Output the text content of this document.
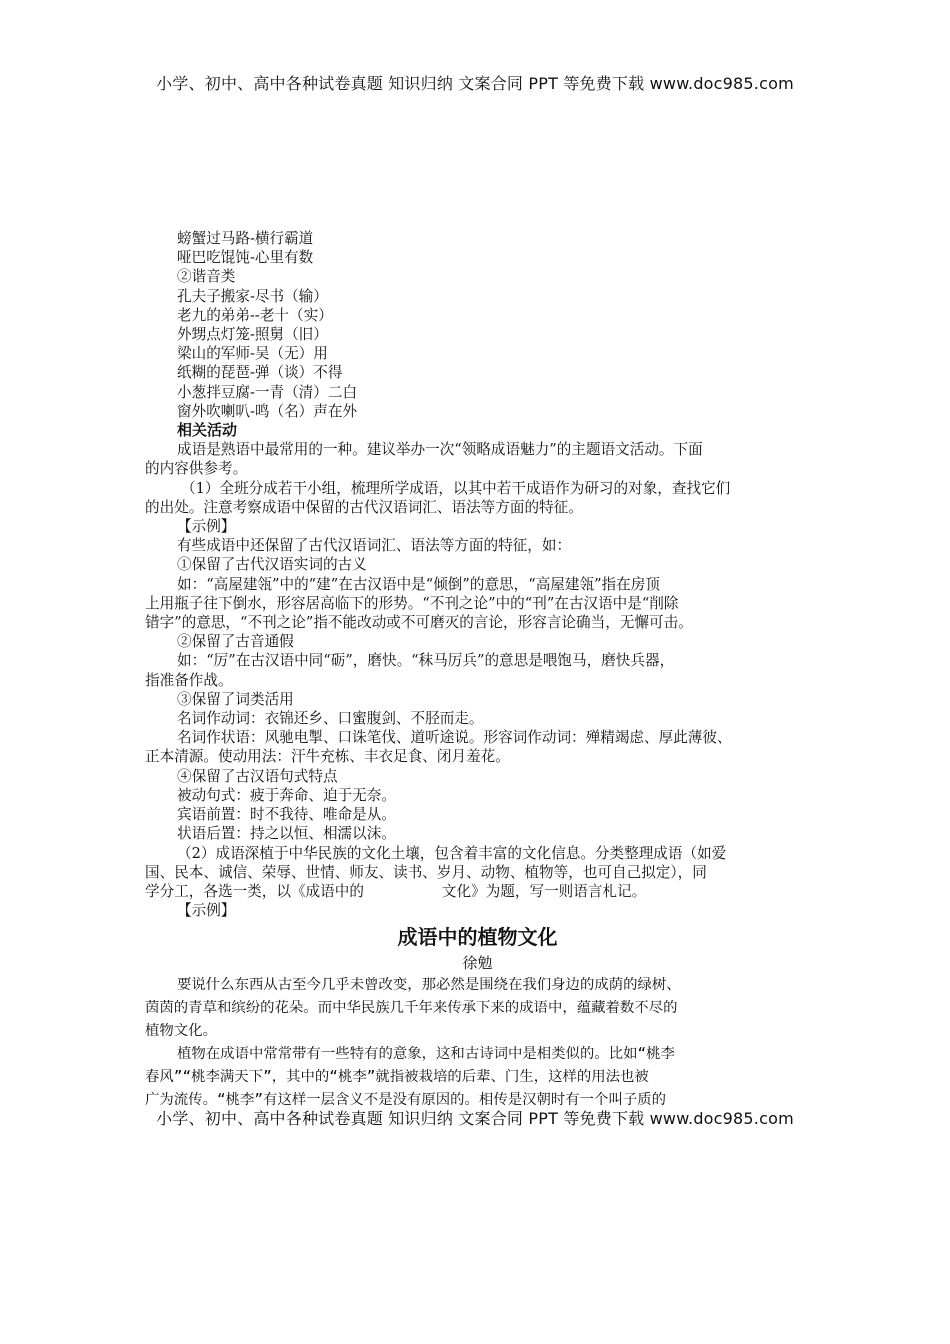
小学、初中、高中各种试卷真题 知识归纳 文案合同 PPT 等免费下载 www.doc985.com
螃蟹过马路-横行霸道
哑巴吃馄饨-心里有数
②谐音类
孔夫子搬家-尽书（输）
老九的弟弟--老十（实）
外甥点灯笼-照舅（旧）
梁山的军师-吴（无）用
纸糊的琵琶-弹（谈）不得
小葱拌豆腐-一青（清）二白
窗外吹喇叭-鸣（名）声在外
相关活动
成语是熟语中最常用的一种。建议举办一次“领略成语魅力”的主题语文活动。下面
的内容供参考。
（1）全班分成若干小组，梳理所学成语，以其中若干成语作为研习的对象，查找它们
的出处。注意考察成语中保留的古代汉语词汇、语法等方面的特征。
【示例】
有些成语中还保留了古代汉语词汇、语法等方面的特征，如：
①保留了古代汉语实词的古义
如：“高屋建瓴”中的“建”在古汉语中是“倾倒”的意思，“高屋建瓴”指在房顶
上用瓶子往下倒水，形容居高临下的形势。“不刊之论”中的“刊”在古汉语中是“削除
错字”的意思，“不刊之论”指不能改动或不可磨灭的言论，形容言论确当，无懈可击。
②保留了古音通假
如：“厉”在古汉语中同“砺”，磨快。“秣马厉兵”的意思是喂饱马，磨快兵器，
指准备作战。
③保留了词类活用
名词作动词：衣锦还乡、口蜜腹剑、不胫而走。
名词作状语：风驰电掣、口诛笔伐、道听途说。形容词作动词：殚精竭虑、厚此薄彼、
正本清源。使动用法：汗牛充栋、丰衣足食、闭月羞花。
④保留了古汉语句式特点
被动句式：疲于奔命、迫于无奈。
宾语前置：时不我待、唯命是从。
状语后置：持之以恒、相濡以沫。
（2）成语深植于中华民族的文化土壤，包含着丰富的文化信息。分类整理成语（如爱
国、民本、诚信、荣辱、世情、师友、读书、岁月、动物、植物等，也可自己拟定），同
学分工，各选一类，以《成语中的	文化》为题，写一则语言札记。
【示例】
成语中的植物文化
徐勉
要说什么东西从古至今几乎未曾改变，那必然是围绕在我们身边的成荫的绿树、
茵茵的青草和缤纷的花朵。而中华民族几千年来传承下来的成语中，蕴藏着数不尽的
植物文化。
植物在成语中常常带有一些特有的意象，这和古诗词中是相类似的。比如“桃李
春风”“桃李满天下”，其中的“桃李”就指被栽培的后辈、门生，这样的用法也被
广为流传。“桃李”有这样一层含义不是没有原因的。相传是汉朝时有一个叫子质的
小学、初中、高中各种试卷真题 知识归纳 文案合同 PPT 等免费下载 www.doc985.com
